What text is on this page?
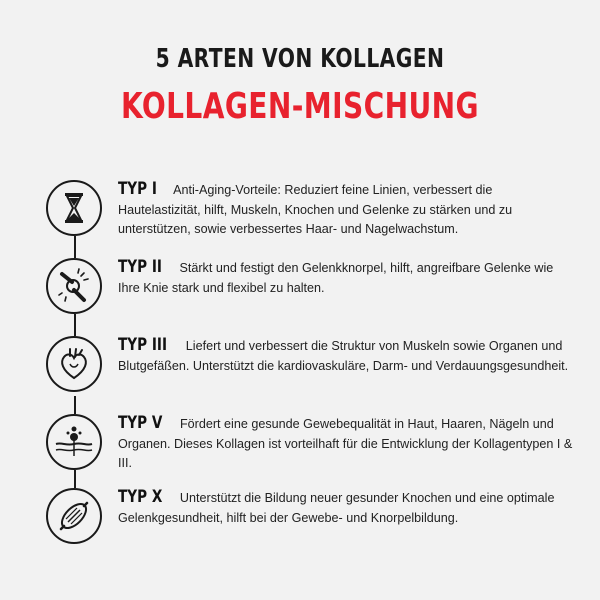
5 ARTEN VON KOLLAGEN
KOLLAGEN-MISCHUNG
TYP I Anti-Aging-Vorteile: Reduziert feine Linien, verbessert die Hautelastizität, hilft, Muskeln, Knochen und Gelenke zu stärken und zu unterstützen, sowie verbessertes Haar- und Nagelwachstum.
TYP II Stärkt und festigt den Gelenkknorpel, hilft, angreifbare Gelenke wie Ihre Knie stark und flexibel zu halten.
TYP III Liefert und verbessert die Struktur von Muskeln sowie Organen und Blutgefäßen. Unterstützt die kardiovaskuläre, Darm- und Verdauungsgesundheit.
TYP V Fördert eine gesunde Gewebequalität in Haut, Haaren, Nägeln und Organen. Dieses Kollagen ist vorteilhaft für die Entwicklung der Kollagentypen I & III.
TYP X Unterstützt die Bildung neuer gesunder Knochen und eine optimale Gelenkgesundheit, hilft bei der Gewebe- und Knorpelbildung.
